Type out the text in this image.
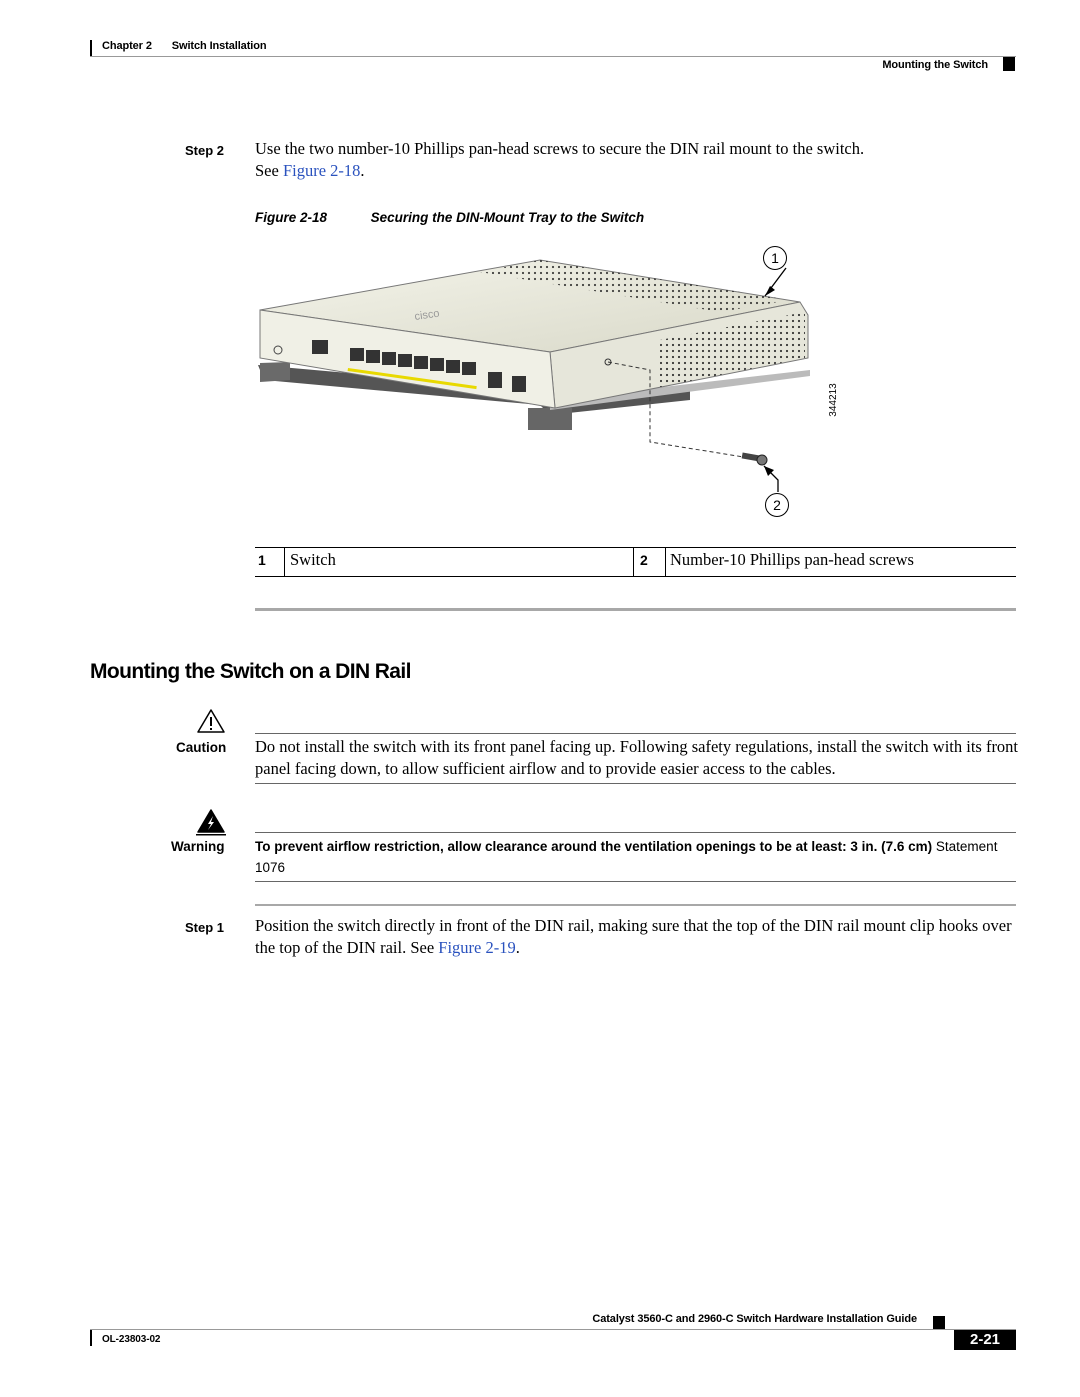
Chapter 2 Switch Installation
Mounting the Switch
Step 2 Use the two number-10 Phillips pan-head screws to secure the DIN rail mount to the switch.
See Figure 2-18.
Figure 2-18	Securing the DIN-Mount Tray to the Switch
cisco
344213
1
2
1 Switch	2 Number-10 Phillips pan-head screws
Mounting the Switch on a DIN Rail
Caution Do not install the switch with its front panel facing up. Following safety regulations, install the switch with its front panel facing down, to allow sufficient airflow and to provide easier access to the cables.
Warning To prevent airflow restriction, allow clearance around the ventilation openings to be at least: 3 in. (7.6 cm) Statement 1076
Step 1 Position the switch directly in front of the DIN rail, making sure that the top of the DIN rail mount clip hooks over the top of the DIN rail. See Figure 2-19.
Catalyst 3560-C and 2960-C Switch Hardware Installation Guide
OL-23803-02	2-21
